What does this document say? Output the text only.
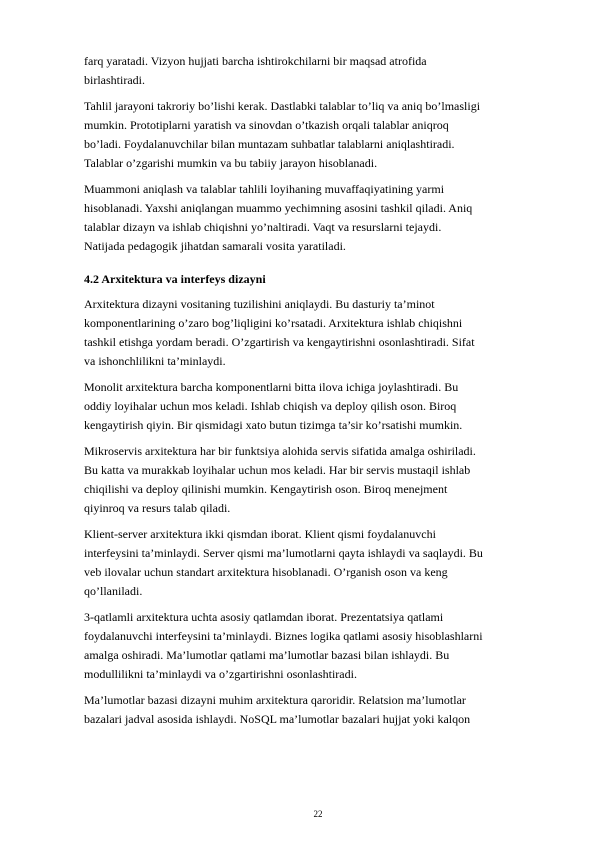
farq yaratadi. Vizyon hujjati barcha ishtirokchilarni bir maqsad atrofida
birlashtiradi.

Tahlil jarayoni takroriy bo’lishi kerak. Dastlabki talablar to’liq va aniq bo’lmasligi
mumkin. Prototiplarni yaratish va sinovdan o’tkazish orqali talablar aniqroq
bo’ladi. Foydalanuvchilar bilan muntazam suhbatlar talablarni aniqlashtiradi.
Talablar o’zgarishi mumkin va bu tabiiy jarayon hisoblanadi.

Muammoni aniqlash va talablar tahlili loyihaning muvaffaqiyatining yarmi
hisoblanadi. Yaxshi aniqlangan muammo yechimning asosini tashkil qiladi. Aniq
talablar dizayn va ishlab chiqishni yo’naltiradi. Vaqt va resurslarni tejaydi.
Natijada pedagogik jihatdan samarali vosita yaratiladi.

4.2 Arxitektura va interfeys dizayni

Arxitektura dizayni vositaning tuzilishini aniqlaydi. Bu dasturiy ta’minot
komponentlarining o’zaro bog’liqligini ko’rsatadi. Arxitektura ishlab chiqishni
tashkil etishga yordam beradi. O’zgartirish va kengaytirishni osonlashtiradi. Sifat
va ishonchlilikni ta’minlaydi.

Monolit arxitektura barcha komponentlarni bitta ilova ichiga joylashtiradi. Bu
oddiy loyihalar uchun mos keladi. Ishlab chiqish va deploy qilish oson. Biroq
kengaytirish qiyin. Bir qismidagi xato butun tizimga ta’sir ko’rsatishi mumkin.

Mikroservis arxitektura har bir funktsiya alohida servis sifatida amalga oshiriladi.
Bu katta va murakkab loyihalar uchun mos keladi. Har bir servis mustaqil ishlab
chiqilishi va deploy qilinishi mumkin. Kengaytirish oson. Biroq menejment
qiyinroq va resurs talab qiladi.

Klient-server arxitektura ikki qismdan iborat. Klient qismi foydalanuvchi
interfeysini ta’minlaydi. Server qismi ma’lumotlarni qayta ishlaydi va saqlaydi. Bu
veb ilovalar uchun standart arxitektura hisoblanadi. O’rganish oson va keng
qo’llaniladi.

3-qatlamli arxitektura uchta asosiy qatlamdan iborat. Prezentatsiya qatlami
foydalanuvchi interfeysini ta’minlaydi. Biznes logika qatlami asosiy hisoblashlarni
amalga oshiradi. Ma’lumotlar qatlami ma’lumotlar bazasi bilan ishlaydi. Bu
modullilikni ta’minlaydi va o’zgartirishni osonlashtiradi.

Ma’lumotlar bazasi dizayni muhim arxitektura qaroridir. Relatsion ma’lumotlar
bazalari jadval asosida ishlaydi. NoSQL ma’lumotlar bazalari hujjat yoki kalqon

22
